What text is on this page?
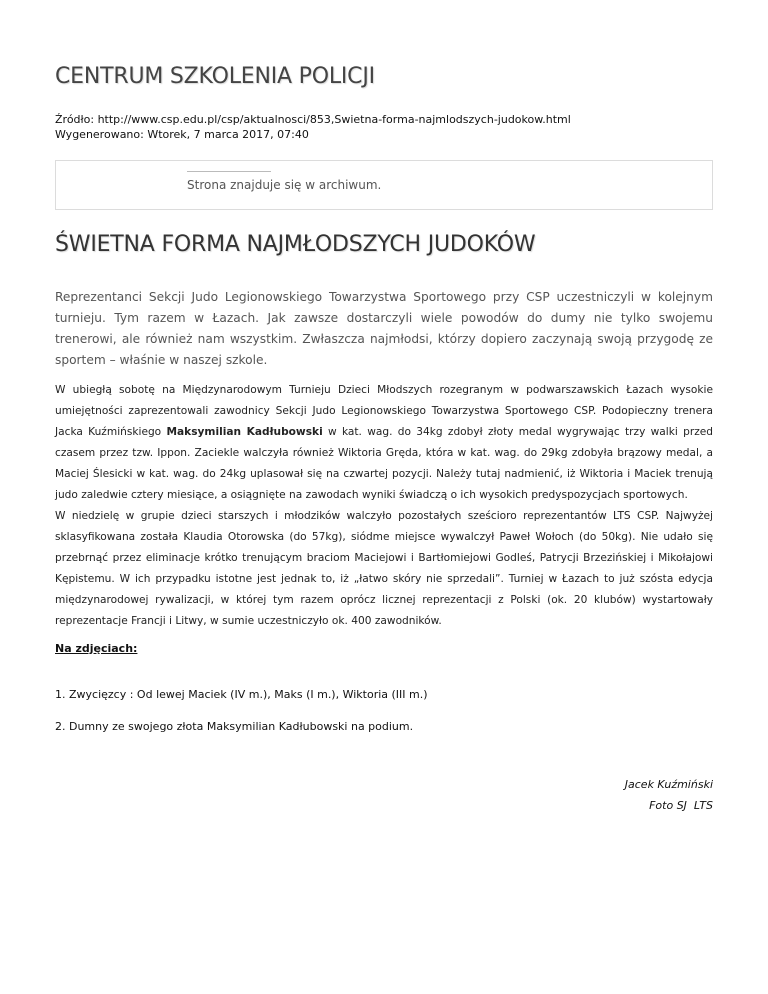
CENTRUM SZKOLENIA POLICJI
Źródło: http://www.csp.edu.pl/csp/aktualnosci/853,Swietna-forma-najmlodszych-judokow.html
Wygenerowano: Wtorek, 7 marca 2017, 07:40
Strona znajduje się w archiwum.
ŚWIETNA FORMA NAJMŁODSZYCH JUDOKÓW

Reprezentanci Sekcji Judo Legionowskiego Towarzystwa Sportowego przy CSP uczestniczyli w kolejnym turnieju. Tym razem w Łazach. Jak zawsze dostarczyli wiele powodów do dumy nie tylko swojemu trenerowi, ale również nam wszystkim. Zwłaszcza najmłodsi, którzy dopiero zaczynają swoją przygodę ze sportem – właśnie w naszej szkole.

W ubiegłą sobotę na Międzynarodowym Turnieju Dzieci Młodszych rozegranym w podwarszawskich Łazach wysokie umiejętności zaprezentowali zawodnicy Sekcji Judo Legionowskiego Towarzystwa Sportowego CSP. Podopieczny trenera Jacka Kuźmińskiego Maksymilian Kadłubowski w kat. wag. do 34kg zdobył złoty medal wygrywając trzy walki przed czasem przez tzw. Ippon. Zaciekle walczyła również Wiktoria Gręda, która w kat. wag. do 29kg zdobyła brązowy medal, a Maciej Ślesicki w kat. wag. do 24kg uplasował się na czwartej pozycji. Należy tutaj nadmienić, iż Wiktoria i Maciek trenują judo zaledwie cztery miesiące, a osiągnięte na zawodach wyniki świadczą o ich wysokich predyspozycjach sportowych.

W niedzielę w grupie dzieci starszych i młodzików walczyło pozostałych sześcioro reprezentantów LTS CSP. Najwyżej sklasyfikowana została Klaudia Otorowska (do 57kg), siódme miejsce wywalczył Paweł Wołoch (do 50kg). Nie udało się przebrnąć przez eliminacje krótko trenującym braciom Maciejowi i Bartłomiejowi Godleś, Patrycji Brzezińskiej i Mikołajowi Kępistemu. W ich przypadku istotne jest jednak to, iż „łatwo skóry nie sprzedali”. Turniej w Łazach to już szósta edycja międzynarodowej rywalizacji, w której tym razem oprócz licznej reprezentacji z Polski (ok. 20 klubów) wystartowały reprezentacje Francji i Litwy, w sumie uczestniczyło ok. 400 zawodników.

Na zdjęciach:
1. Zwycięzcy : Od lewej Maciek (IV m.), Maks (I m.), Wiktoria (III m.)
2. Dumny ze swojego złota Maksymilian Kadłubowski na podium.
Jacek Kuźmiński
Foto SJ  LTS
